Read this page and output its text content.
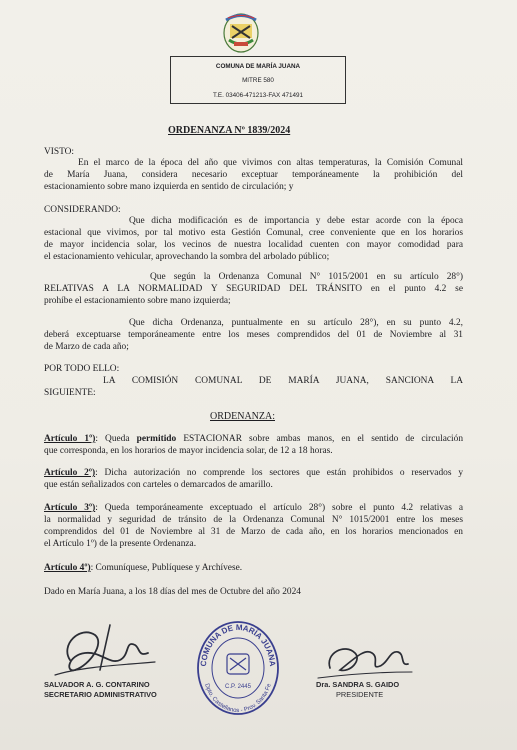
COMUNA DE MARÍA JUANA
MITRE 580
T.E. 03406-471213-FAX 471491
ORDENANZA Nº 1839/2024
VISTO:
En el marco de la época del año que vivimos con altas temperaturas, la Comisión Comunal
de María Juana, considera necesario exceptuar temporáneamente la prohibición del
estacionamiento sobre mano izquierda en sentido de circulación; y
CONSIDERANDO:
Que dicha modificación es de importancia y debe estar acorde con la época
estacional que vivimos, por tal motivo esta Gestión Comunal, cree conveniente que en los horarios
de mayor incidencia solar, los vecinos de nuestra localidad cuenten con mayor comodidad para
el estacionamiento vehicular, aprovechando la sombra del arbolado público;
Que según la Ordenanza Comunal N° 1015/2001 en su artículo 28°)
RELATIVAS A LA NORMALIDAD Y SEGURIDAD DEL TRÁNSITO en el punto 4.2 se
prohíbe el estacionamiento sobre mano izquierda;
Que dicha Ordenanza, puntualmente en su artículo 28°), en su punto 4.2,
deberá exceptuarse temporáneamente entre los meses comprendidos del 01 de Noviembre al 31
de Marzo de cada año;
POR TODO ELLO:
LA COMISIÓN COMUNAL DE MARÍA JUANA, SANCIONA LA
SIGUIENTE:
ORDENANZA:
Artículo 1º): Queda permitido ESTACIONAR sobre ambas manos, en el sentido de circulación
que corresponda, en los horarios de mayor incidencia solar, de 12 a 18 horas.
Artículo 2º): Dicha autorización no comprende los sectores que están prohibidos o reservados y
que están señalizados con carteles o demarcados de amarillo.
Artículo 3º): Queda temporáneamente exceptuado el artículo 28°) sobre el punto 4.2 relativas a
la normalidad y seguridad de tránsito de la Ordenanza Comunal N° 1015/2001 entre los meses
comprendidos del 01 de Noviembre al 31 de Marzo de cada año, en los horarios mencionados en
el Artículo 1º) de la presente Ordenanza.
Artículo 4º): Comuníquese, Publíquese y Archívese.
Dado en María Juana, a los 18 días del mes de Octubre del año 2024
SALVADOR A. G. CONTARINO
SECRETARIO ADMINISTRATIVO
COMUNA DE MARÍA JUANA
Dpto. Castellanos - Prov. Santa Fe
C.P. 2445	Dra. SANDRA S. GAIDO
PRESIDENTE
